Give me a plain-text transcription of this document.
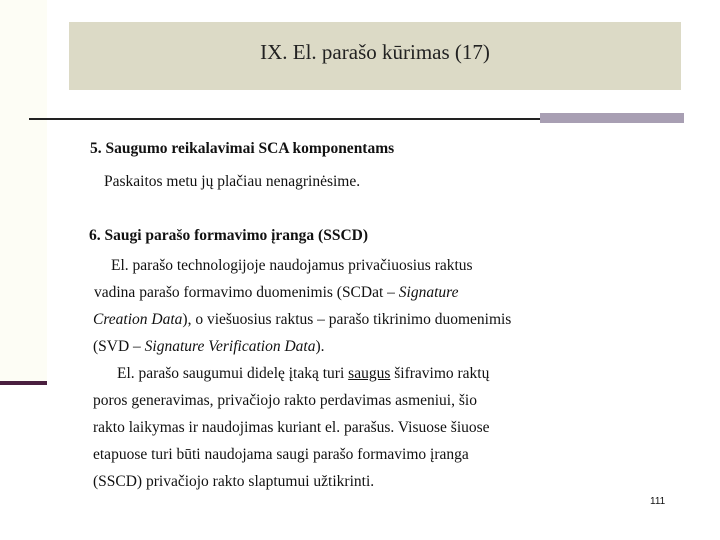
IX. El. parašo kūrimas (17)
5. Saugumo reikalavimai SCA komponentams
Paskaitos metu jų plačiau nenagrinėsime.
6. Saugi parašo formavimo įranga (SSCD)
El. parašo technologijoje naudojamus privačiuosius raktus
vadina parašo formavimo duomenimis (SCDat – Signature
Creation Data), o viešuosius raktus – parašo tikrinimo duomenimis
(SVD – Signature Verification Data).
El. parašo saugumui didelę įtaką turi saugus šifravimo raktų
poros generavimas, privačiojo rakto perdavimas asmeniui, šio
rakto laikymas ir naudojimas kuriant el. parašus. Visuose šiuose
etapuose turi būti naudojama saugi parašo formavimo įranga
(SSCD) privačiojo rakto slaptumui užtikrinti.
111
